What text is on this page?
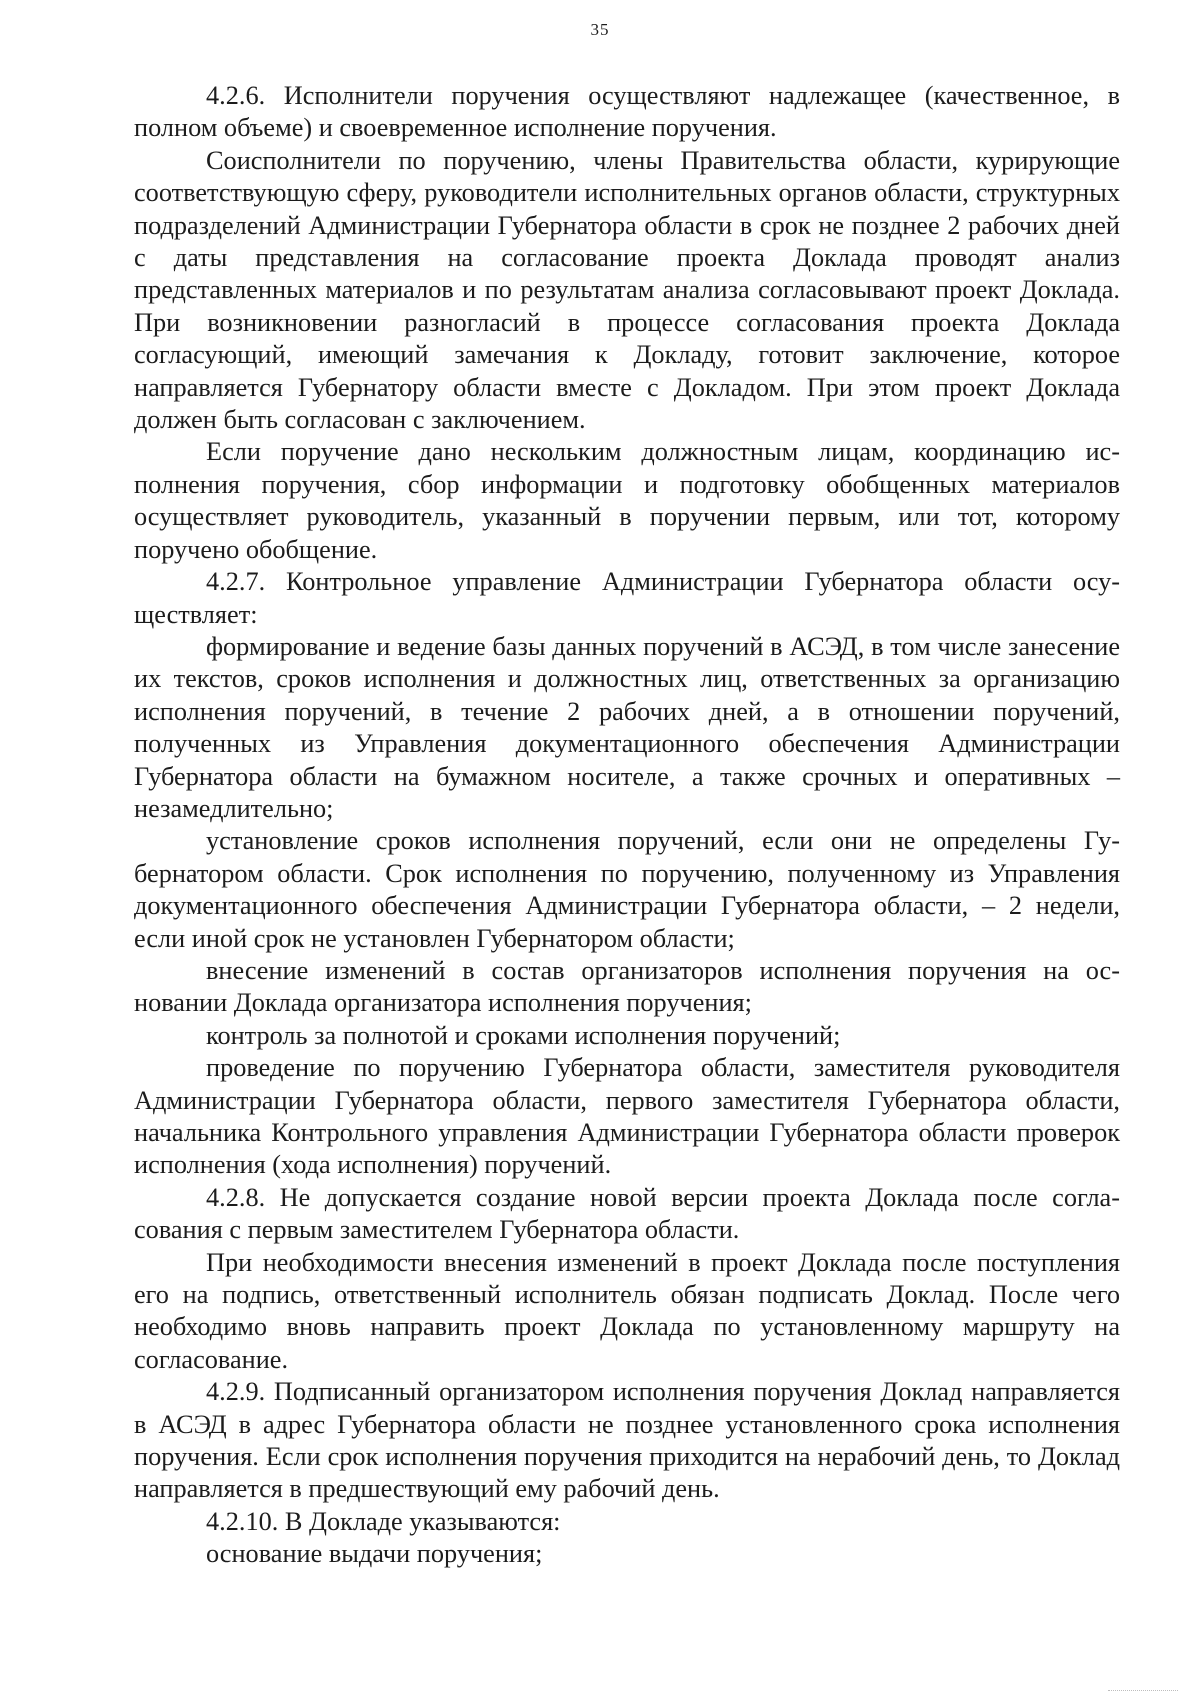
35

4.2.6. Исполнители поручения осуществляют надлежащее (качественное, в полном объеме) и своевременное исполнение поручения.

Соисполнители по поручению, члены Правительства области, курирующие соответствующую сферу, руководители исполнительных органов области, структурных подразделений Администрации Губернатора области в срок не позднее 2 рабочих дней с даты представления на согласование проекта Доклада проводят анализ представленных материалов и по результатам анализа согласовывают проект Доклада. При возникновении разногласий в процессе согласования проекта Доклада согласующий, имеющий замечания к Докладу, готовит заключение, которое направляется Губернатору области вместе с Докладом. При этом проект Доклада должен быть согласован с заключением.

Если поручение дано нескольким должностным лицам, координацию исполнения поручения, сбор информации и подготовку обобщенных материалов осуществляет руководитель, указанный в поручении первым, или тот, которому поручено обобщение.

4.2.7. Контрольное управление Администрации Губернатора области осуществляет:

формирование и ведение базы данных поручений в АСЭД, в том числе занесение их текстов, сроков исполнения и должностных лиц, ответственных за организацию исполнения поручений, в течение 2 рабочих дней, а в отношении поручений, полученных из Управления документационного обеспечения Администрации Губернатора области на бумажном носителе, а также срочных и оперативных – незамедлительно;

установление сроков исполнения поручений, если они не определены Губернатором области. Срок исполнения по поручению, полученному из Управления документационного обеспечения Администрации Губернатора области, – 2 недели, если иной срок не установлен Губернатором области;

внесение изменений в состав организаторов исполнения поручения на основании Доклада организатора исполнения поручения;

контроль за полнотой и сроками исполнения поручений;

проведение по поручению Губернатора области, заместителя руководителя Администрации Губернатора области, первого заместителя Губернатора области, начальника Контрольного управления Администрации Губернатора области проверок исполнения (хода исполнения) поручений.

4.2.8. Не допускается создание новой версии проекта Доклада после согласования с первым заместителем Губернатора области.

При необходимости внесения изменений в проект Доклада после поступления его на подпись, ответственный исполнитель обязан подписать Доклад. После чего необходимо вновь направить проект Доклада по установленному маршруту на согласование.

4.2.9. Подписанный организатором исполнения поручения Доклад направляется в АСЭД в адрес Губернатора области не позднее установленного срока исполнения поручения. Если срок исполнения поручения приходится на нерабочий день, то Доклад направляется в предшествующий ему рабочий день.

4.2.10. В Докладе указываются:

основание выдачи поручения;
